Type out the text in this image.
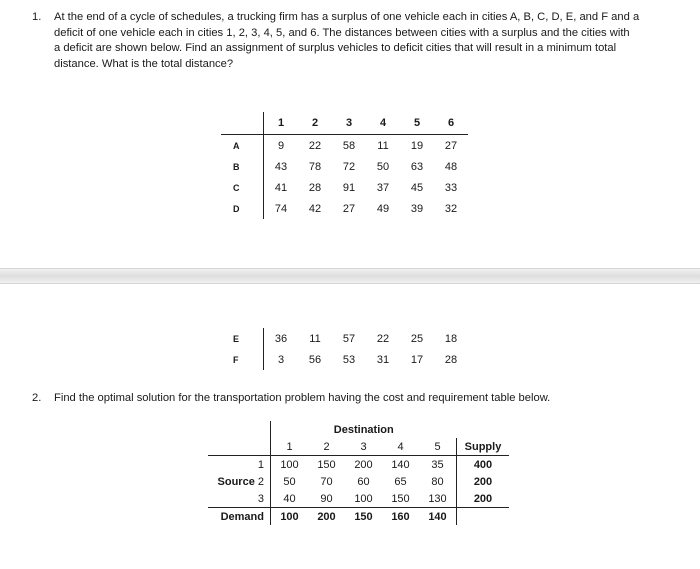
1. At the end of a cycle of schedules, a trucking firm has a surplus of one vehicle each in cities A, B, C, D, E, and F and a
deficit of one vehicle each in cities 1, 2, 3, 4, 5, and 6. The distances between cities with a surplus and the cities with
a deficit are shown below. Find an assignment of surplus vehicles to deficit cities that will result in a minimum total
distance. What is the total distance?
	1	2	3	4	5	6
A	9	22	58	11	19	27
B	43	78	72	50	63	48
C	41	28	91	37	45	33
D	74	42	27	49	39	32
E	36	11	57	22	25	18
F	3	56	53	31	17	28
2. Find the optimal solution for the transportation problem having the cost and requirement table below.
	Destination					
	1	2	3	4	5	Supply
1	100	150	200	140	35	400
Source 2	50	70	60	65	80	200
3	40	90	100	150	130	200
Demand	100	200	150	160	140	
